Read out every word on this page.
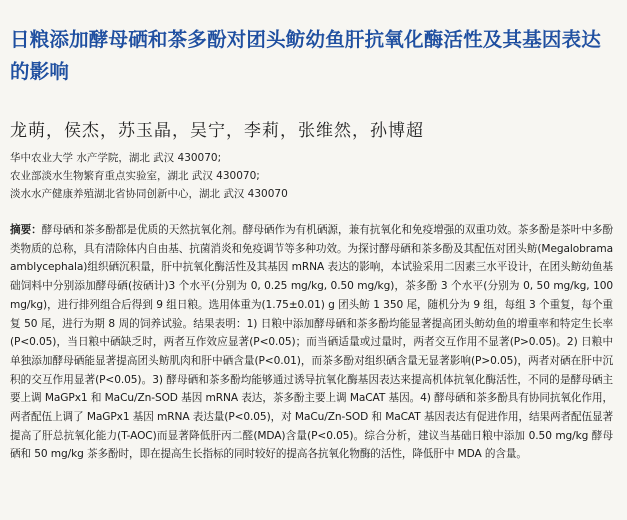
日粮添加酵母硒和茶多酚对团头鲂幼鱼肝抗氧化酶活性及其基因表达的影响
龙萌，侯杰，苏玉晶，吴宁，李莉，张维然，孙博超
华中农业大学 水产学院，湖北 武汉 430070;
农业部淡水生物繁育重点实验室，湖北 武汉 430070;
淡水水产健康养殖湖北省协同创新中心，湖北 武汉 430070
摘要：酵母硒和茶多酚都是优质的天然抗氧化剂。酵母硒作为有机硒源，兼有抗氧化和免疫增强的双重功效。茶多酚是茶叶中多酚类物质的总称，具有清除体内自由基、抗菌消炎和免疫调节等多种功效。为探讨酵母硒和茶多酚及其配伍对团头鲂(Megalobrama amblycephala)组织硒沉积量，肝中抗氧化酶活性及其基因 mRNA 表达的影响，本试验采用二因素三水平设计，在团头鲂幼鱼基础饲料中分别添加酵母硒(按硒计)3 个水平(分别为 0, 0.25 mg/kg, 0.50 mg/kg)，茶多酚 3 个水平(分别为 0, 50 mg/kg, 100 mg/kg)，进行排列组合后得到 9 组日粮。选用体重为(1.75±0.01) g 团头鲂 1 350 尾，随机分为 9 组，每组 3 个重复，每个重复 50 尾，进行为期 8 周的饲养试验。结果表明：1) 日粮中添加酵母硒和茶多酚均能显著提高团头鲂幼鱼的增重率和特定生长率(P<0.05)，当日粮中硒缺乏时，两者互作效应显著(P<0.05)；而当硒适量或过量时，两者交互作用不显著(P>0.05)。2) 日粮中单独添加酵母硒能显著提高团头鲂肌肉和肝中硒含量(P<0.01)，而茶多酚对组织硒含量无显著影响(P>0.05)，两者对硒在肝中沉积的交互作用显著(P<0.05)。3) 酵母硒和茶多酚均能够通过诱导抗氧化酶基因表达来提高机体抗氧化酶活性，不同的是酵母硒主要上调 MaGPx1 和 MaCu/Zn-SOD 基因 mRNA 表达，茶多酚主要上调 MaCAT 基因。4) 酵母硒和茶多酚具有协同抗氧化作用，两者配伍上调了 MaGPx1 基因 mRNA 表达量(P<0.05)，对 MaCu/Zn-SOD 和 MaCAT 基因表达有促进作用，结果两者配伍显著提高了肝总抗氧化能力(T-AOC)而显著降低肝丙二醛(MDA)含量(P<0.05)。综合分析，建议当基础日粮中添加 0.50 mg/kg 酵母硒和 50 mg/kg 茶多酚时，即在提高生长指标的同时较好的提高各抗氧化物酶的活性，降低肝中 MDA 的含量。
